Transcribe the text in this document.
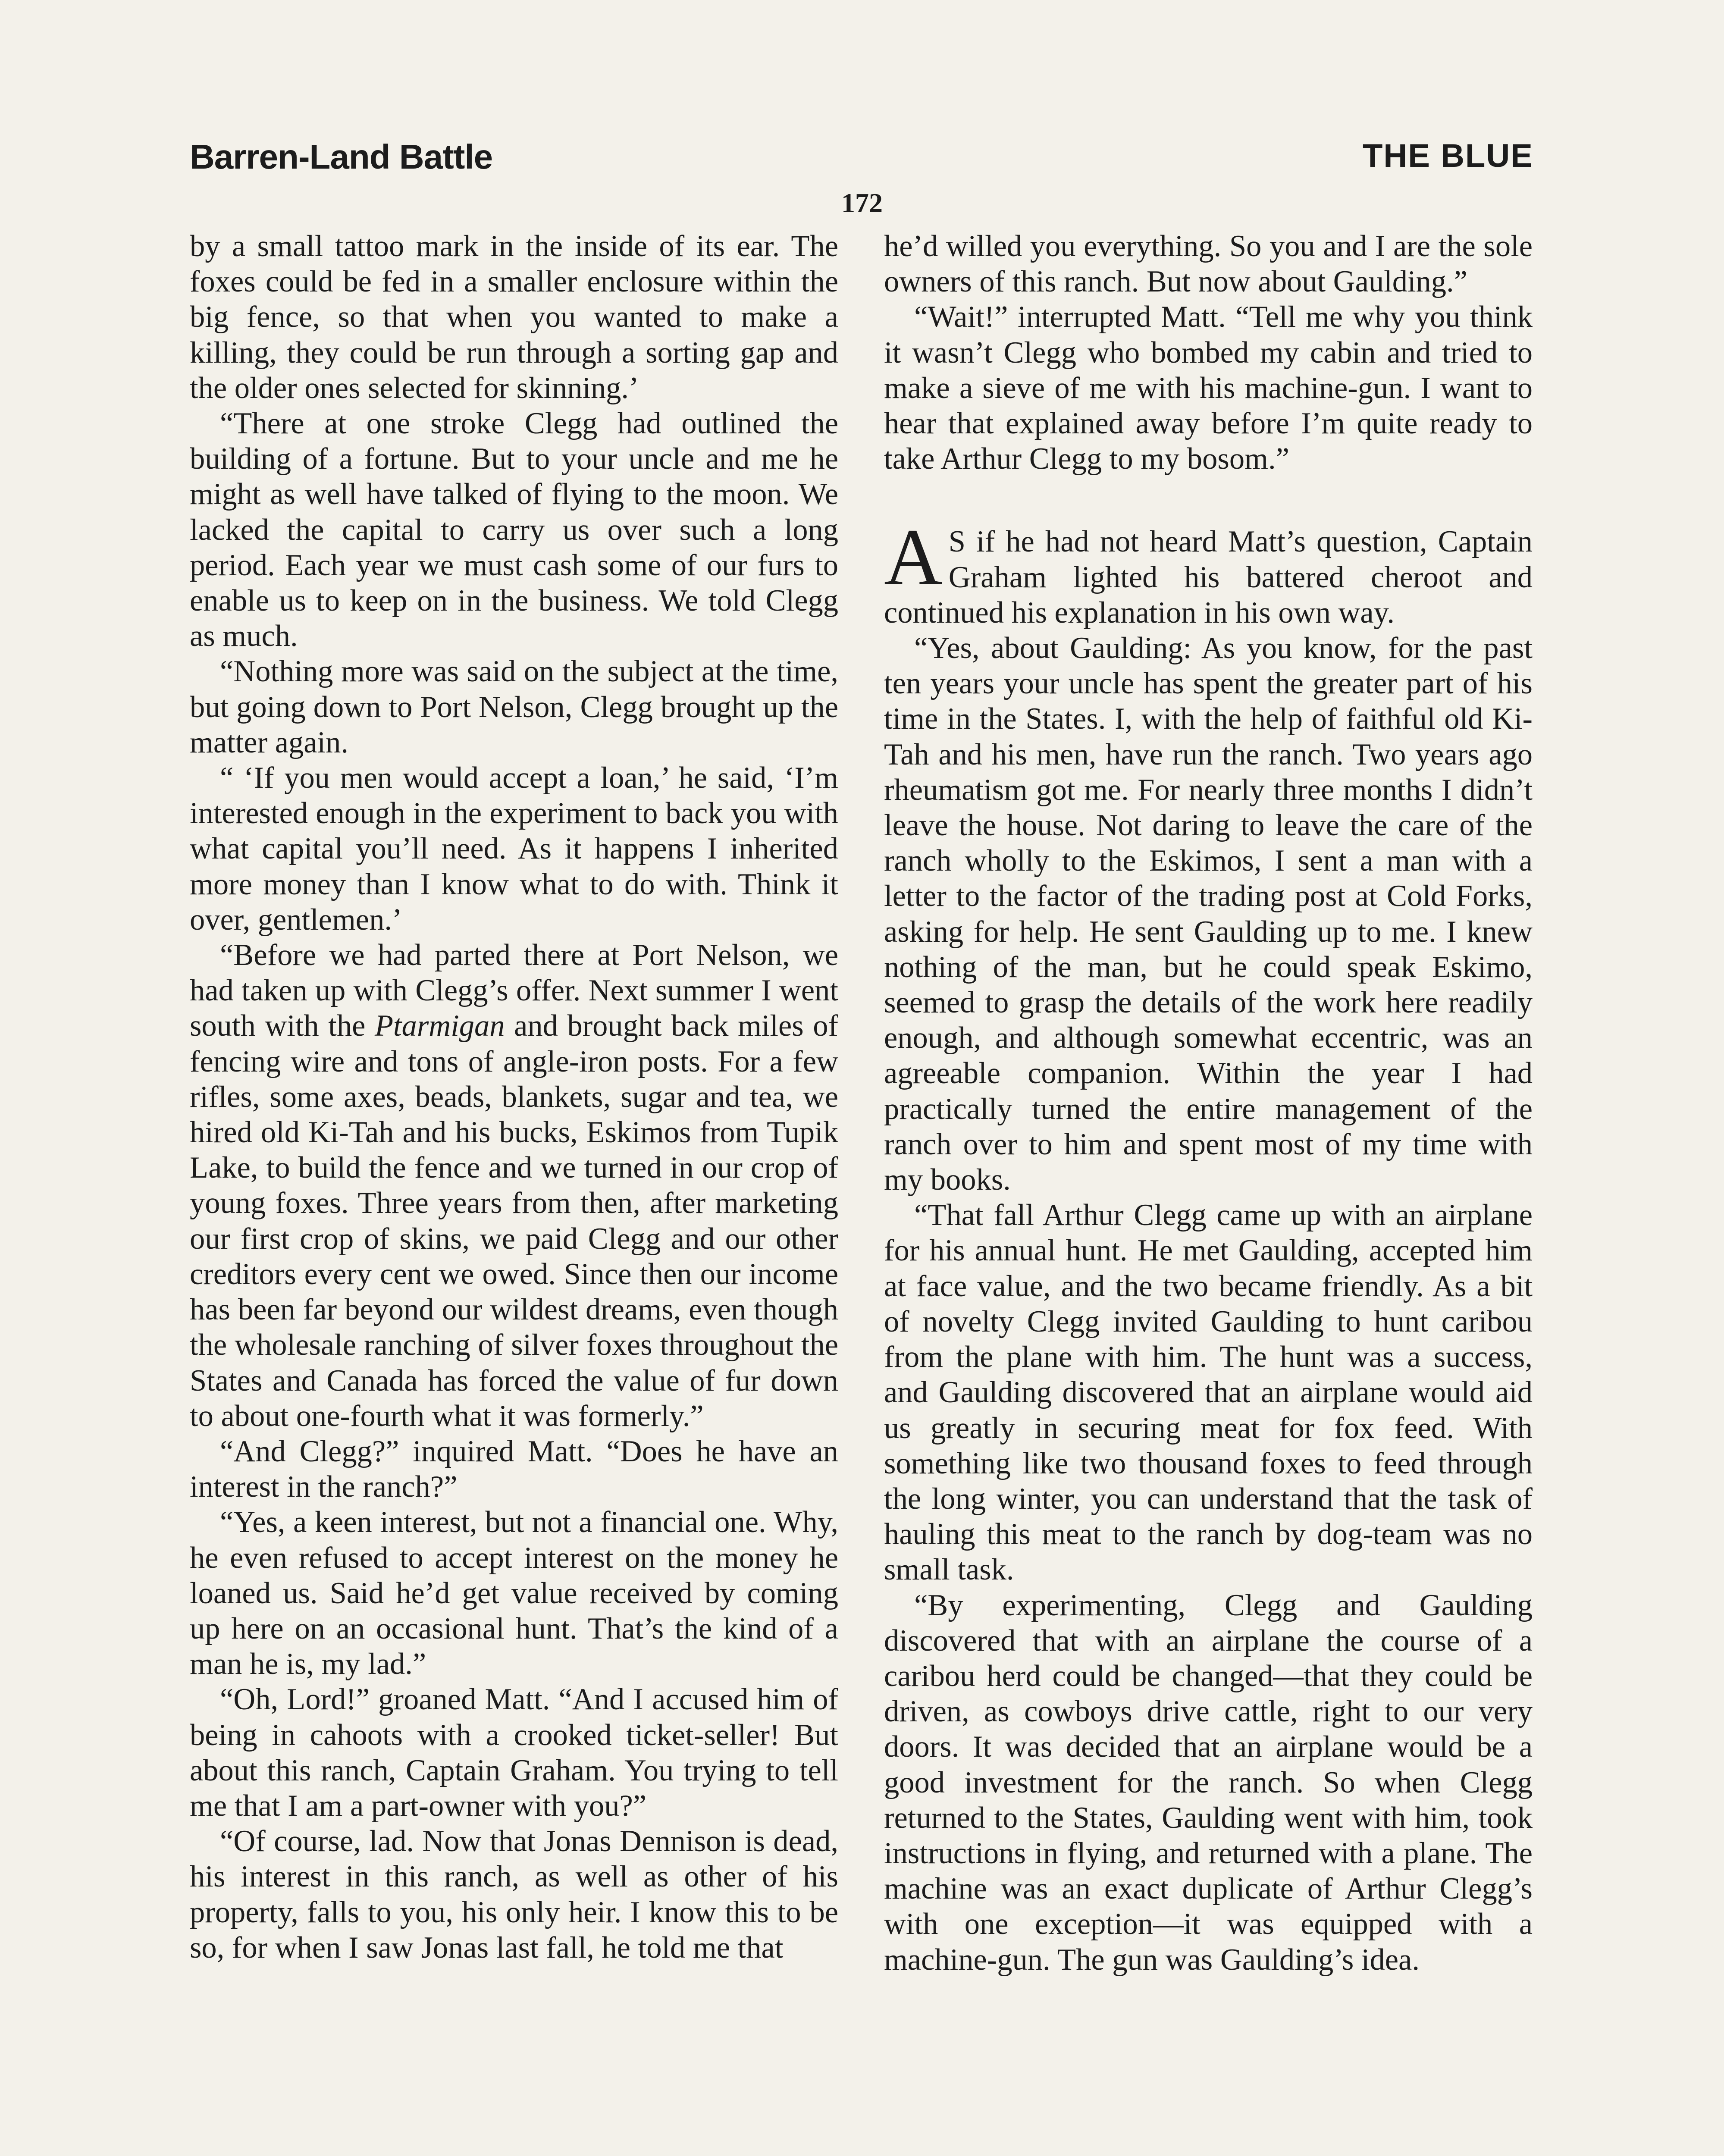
Barren-Land Battle	THE BLUE
172

by a small tattoo mark in the inside of its ear. The foxes could be fed in a smaller enclosure within the big fence, so that when you wanted to make a killing, they could be run through a sorting gap and the older ones selected for skinning.’

“There at one stroke Clegg had outlined the building of a fortune. But to your uncle and me he might as well have talked of flying to the moon. We lacked the capital to carry us over such a long period. Each year we must cash some of our furs to enable us to keep on in the business. We told Clegg as much.

“Nothing more was said on the subject at the time, but going down to Port Nelson, Clegg brought up the matter again.

“ ‘If you men would accept a loan,’ he said, ‘I’m interested enough in the experiment to back you with what capital you’ll need. As it happens I inherited more money than I know what to do with. Think it over, gentlemen.’

“Before we had parted there at Port Nelson, we had taken up with Clegg’s offer. Next summer I went south with the Ptarmigan and brought back miles of fencing wire and tons of angle-iron posts. For a few rifles, some axes, beads, blankets, sugar and tea, we hired old Ki-Tah and his bucks, Eskimos from Tupik Lake, to build the fence and we turned in our crop of young foxes. Three years from then, after marketing our first crop of skins, we paid Clegg and our other creditors every cent we owed. Since then our income has been far beyond our wildest dreams, even though the wholesale ranching of silver foxes throughout the States and Canada has forced the value of fur down to about one-fourth what it was formerly.”

“And Clegg?” inquired Matt. “Does he have an interest in the ranch?”

“Yes, a keen interest, but not a financial one. Why, he even refused to accept interest on the money he loaned us. Said he’d get value received by coming up here on an occasional hunt. That’s the kind of a man he is, my lad.”

“Oh, Lord!” groaned Matt. “And I accused him of being in cahoots with a crooked ticket-seller! But about this ranch, Captain Graham. You trying to tell me that I am a part-owner with you?”

“Of course, lad. Now that Jonas Dennison is dead, his interest in this ranch, as well as other of his property, falls to you, his only heir. I know this to be so, for when I saw Jonas last fall, he told me that

he’d willed you everything. So you and I are the sole owners of this ranch. But now about Gaulding.”

“Wait!” interrupted Matt. “Tell me why you think it wasn’t Clegg who bombed my cabin and tried to make a sieve of me with his machine-gun. I want to hear that explained away before I’m quite ready to take Arthur Clegg to my bosom.”

A S if he had not heard Matt’s question, Captain Graham lighted his battered cheroot and continued his explanation in his own way.

“Yes, about Gaulding: As you know, for the past ten years your uncle has spent the greater part of his time in the States. I, with the help of faithful old Ki-Tah and his men, have run the ranch. Two years ago rheumatism got me. For nearly three months I didn’t leave the house. Not daring to leave the care of the ranch wholly to the Eskimos, I sent a man with a letter to the factor of the trading post at Cold Forks, asking for help. He sent Gaulding up to me. I knew nothing of the man, but he could speak Eskimo, seemed to grasp the details of the work here readily enough, and although somewhat eccentric, was an agreeable companion. Within the year I had practically turned the entire management of the ranch over to him and spent most of my time with my books.

“That fall Arthur Clegg came up with an airplane for his annual hunt. He met Gaulding, accepted him at face value, and the two became friendly. As a bit of novelty Clegg invited Gaulding to hunt caribou from the plane with him. The hunt was a success, and Gaulding discovered that an airplane would aid us greatly in securing meat for fox feed. With something like two thousand foxes to feed through the long winter, you can understand that the task of hauling this meat to the ranch by dog-team was no small task.

“By experimenting, Clegg and Gaulding discovered that with an airplane the course of a caribou herd could be changed—that they could be driven, as cowboys drive cattle, right to our very doors. It was decided that an airplane would be a good investment for the ranch. So when Clegg returned to the States, Gaulding went with him, took instructions in flying, and returned with a plane. The machine was an exact duplicate of Arthur Clegg’s with one exception—it was equipped with a machine-gun. The gun was Gaulding’s idea.
